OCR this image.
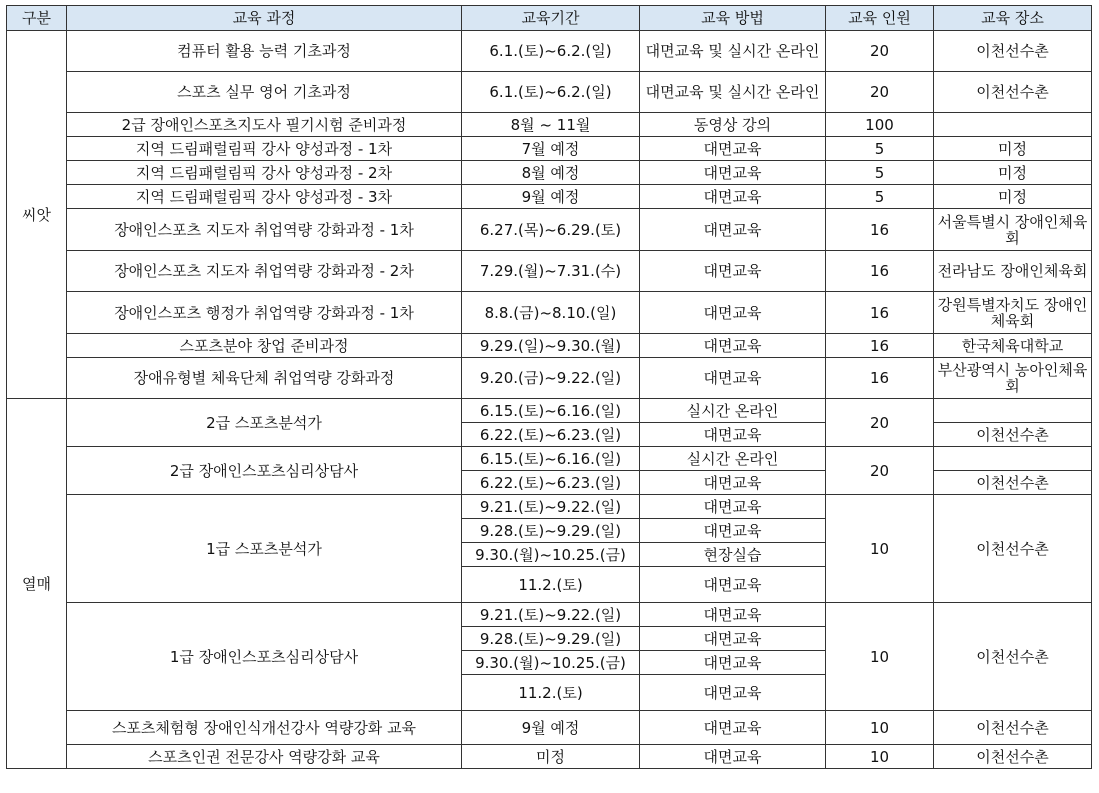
구분	교육 과정	교육기간	교육 방법	교육 인원	교육 장소
씨앗	컴퓨터 활용 능력 기초과정	6.1.(토)~6.2.(일)	대면교육 및 실시간 온라인	20	이천선수촌
	스포츠 실무 영어 기초과정	6.1.(토)~6.2.(일)	대면교육 및 실시간 온라인	20	이천선수촌
	2급 장애인스포츠지도사 필기시험 준비과정	8월 ~ 11월	동영상 강의	100	
	지역 드림패럴림픽 강사 양성과정 - 1차	7월 예정	대면교육	5	미정
	지역 드림패럴림픽 강사 양성과정 - 2차	8월 예정	대면교육	5	미정
	지역 드림패럴림픽 강사 양성과정 - 3차	9월 예정	대면교육	5	미정
	장애인스포츠 지도자 취업역량 강화과정 - 1차	6.27.(목)~6.29.(토)	대면교육	16	서울특별시 장애인체육회
	장애인스포츠 지도자 취업역량 강화과정 - 2차	7.29.(월)~7.31.(수)	대면교육	16	전라남도 장애인체육회
	장애인스포츠 행정가 취업역량 강화과정 - 1차	8.8.(금)~8.10.(일)	대면교육	16	강원특별자치도 장애인체육회
	스포츠분야 창업 준비과정	9.29.(일)~9.30.(월)	대면교육	16	한국체육대학교
	장애유형별 체육단체 취업역량 강화과정	9.20.(금)~9.22.(일)	대면교육	16	부산광역시 농아인체육회
열매	2급 스포츠분석가	6.15.(토)~6.16.(일)	실시간 온라인	20	
		6.22.(토)~6.23.(일)	대면교육		이천선수촌
	2급 장애인스포츠심리상담사	6.15.(토)~6.16.(일)	실시간 온라인	20	
		6.22.(토)~6.23.(일)	대면교육		이천선수촌
	1급 스포츠분석가	9.21.(토)~9.22.(일)	대면교육	10	이천선수촌
		9.28.(토)~9.29.(일)	대면교육		
		9.30.(월)~10.25.(금)	현장실습		
		11.2.(토)	대면교육		
	1급 장애인스포츠심리상담사	9.21.(토)~9.22.(일)	대면교육	10	이천선수촌
		9.28.(토)~9.29.(일)	대면교육		
		9.30.(월)~10.25.(금)	대면교육		
		11.2.(토)	대면교육		
	스포츠체험형 장애인식개선강사 역량강화 교육	9월 예정	대면교육	10	이천선수촌
	스포츠인권 전문강사 역량강화 교육	미정	대면교육	10	이천선수촌
